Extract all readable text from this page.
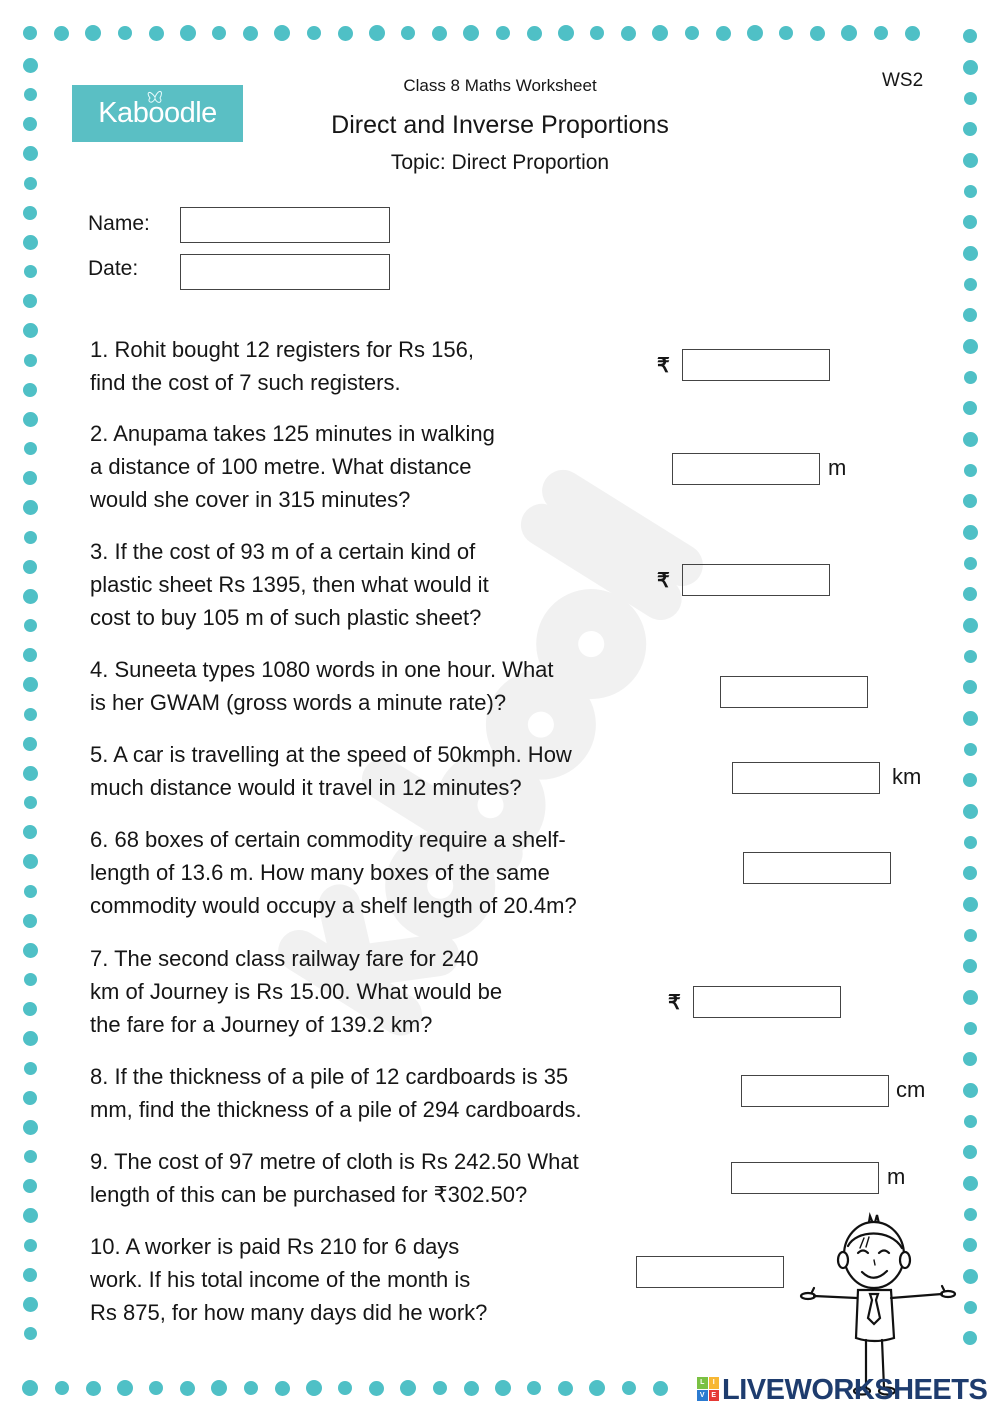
Kaboodle
Class 8 Maths Worksheet
Direct and Inverse Proportions
Topic: Direct Proportion
WS2
Name:
Date:
1. Rohit bought 12 registers for Rs 156,
find the cost of 7 such registers.
₹
2. Anupama takes 125 minutes in walking
a distance of 100 metre. What distance
would she cover in 315 minutes?
m
3. If the cost of 93 m of a certain kind of
plastic sheet Rs 1395, then what would it
cost to buy 105 m of such plastic sheet?
₹
4. Suneeta types 1080 words in one hour. What
is her GWAM (gross words a minute rate)?
5. A car is travelling at the speed of 50kmph. How
much distance would it travel in 12 minutes?	km
6. 68 boxes of certain commodity require a shelf-
length of 13.6 m. How many boxes of the same
commodity would occupy a shelf length of 20.4m?
7. The second class railway fare for 240
km of Journey is Rs 15.00. What would be
the fare for a Journey of 139.2 km?
₹
8. If the thickness of a pile of 12 cardboards is 35
mm, find the thickness of a pile of 294 cardboards.
cm
9. The cost of 97 metre of cloth is Rs 242.50 What
length of this can be purchased for ₹302.50?
m
10. A worker is paid Rs 210 for 6 days
work. If his total income of the month is
Rs 875, for how many days did he work?
L	I
V E LIVEWORKSHEETS
